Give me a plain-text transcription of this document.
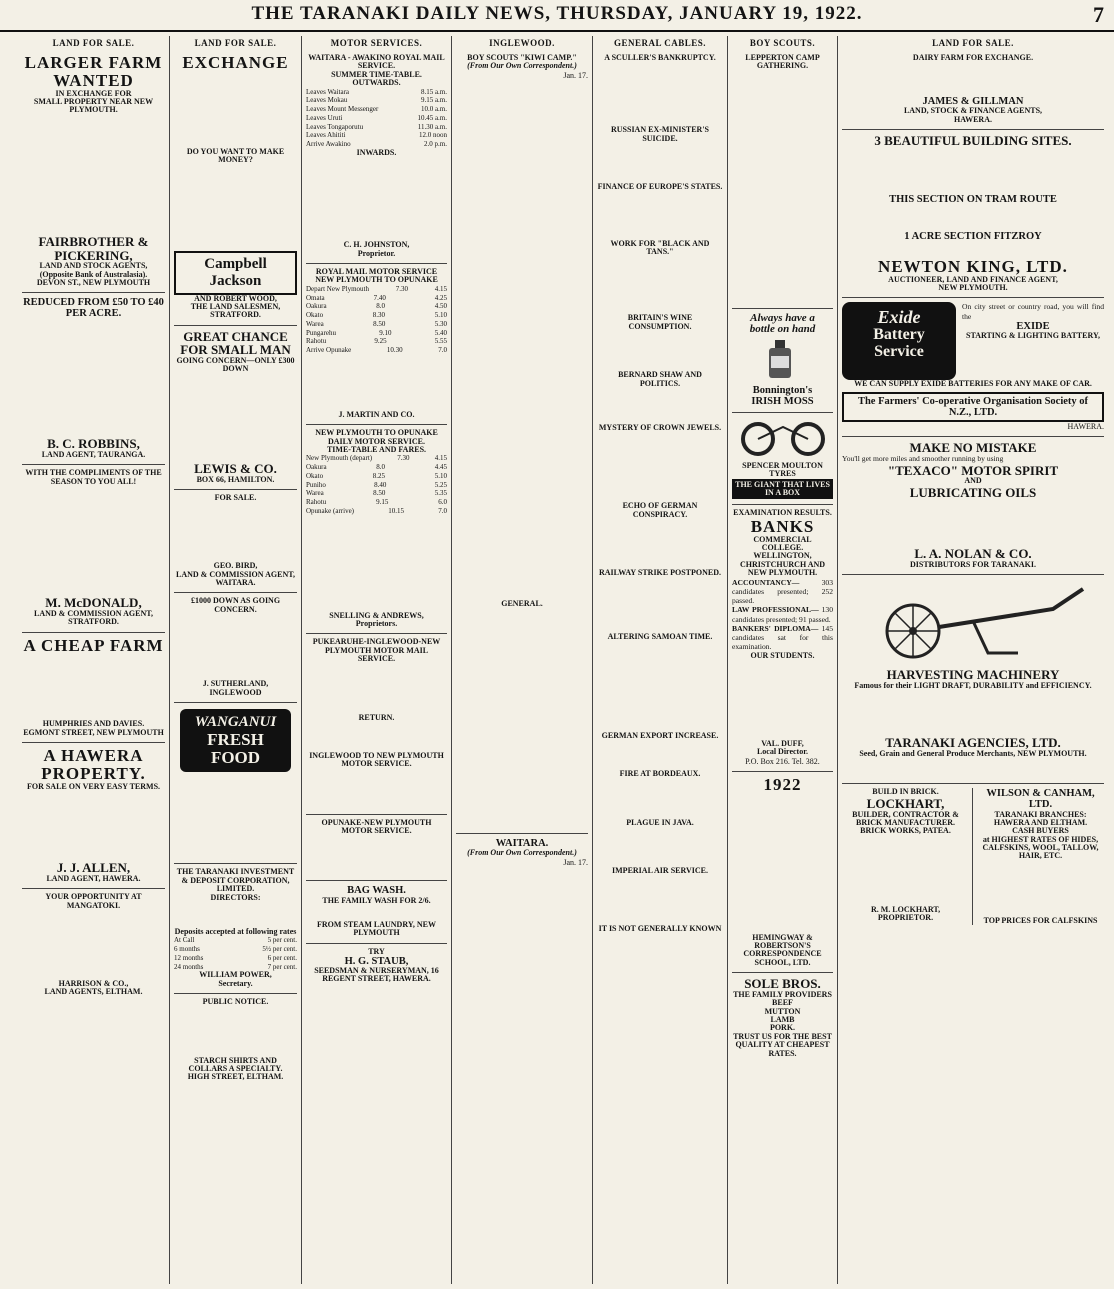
THE TARANAKI DAILY NEWS, THURSDAY, JANUARY 19, 1922.	7
LAND FOR SALE.
LARGER FARM WANTED
IN EXCHANGE FOR
SMALL PROPERTY NEAR NEW PLYMOUTH.
FAIRBROTHER & PICKERING,
LAND AND STOCK AGENTS,
(Opposite Bank of Australasia).
DEVON ST., NEW PLYMOUTH
REDUCED FROM £50 TO £40 PER ACRE.
B. C. ROBBINS,
LAND AGENT, TAURANGA.
WITH THE COMPLIMENTS OF THE SEASON TO YOU ALL!
M. McDONALD,
LAND & COMMISSION AGENT, STRATFORD.
A CHEAP FARM
HUMPHRIES AND DAVIES.
EGMONT STREET, NEW PLYMOUTH
A HAWERA PROPERTY.
FOR SALE ON VERY EASY TERMS.
J. J. ALLEN,
LAND AGENT, HAWERA.
YOUR OPPORTUNITY AT MANGATOKI.
HARRISON & CO.,
LAND AGENTS, ELTHAM.
LAND FOR SALE.
EXCHANGE
DO YOU WANT TO MAKE MONEY?
Campbell Jackson
AND ROBERT WOOD,
THE LAND SALESMEN,
STRATFORD.
GREAT CHANCE FOR SMALL MAN
GOING CONCERN—ONLY £300 DOWN
LEWIS & CO.
BOX 66, HAMILTON.
FOR SALE.
GEO. BIRD,
LAND & COMMISSION AGENT, WAITARA.
£1000 DOWN AS GOING CONCERN.
J. SUTHERLAND,
INGLEWOOD
WANGANUI
FRESH FOOD
THE TARANAKI INVESTMENT & DEPOSIT CORPORATION,
LIMITED.
DIRECTORS:
Deposits accepted at following rates
At Call	5 per cent.
6 months	5½ per cent.
12 months	6 per cent.
24 months	7 per cent.
WILLIAM POWER,
Secretary.
PUBLIC NOTICE.
STARCH SHIRTS AND COLLARS A SPECIALTY.
HIGH STREET, ELTHAM.
MOTOR SERVICES.
WAITARA - AWAKINO ROYAL MAIL SERVICE.
SUMMER TIME-TABLE.
OUTWARDS.
Leaves Waitara	8.15 a.m.
Leaves Mokau	9.15 a.m.
Leaves Mount Messenger	10.0 a.m.
Leaves Uruti	10.45 a.m.
Leaves Tongaporutu	11.30 a.m.
Leaves Ahititi	12.0 noon
Arrive Awakino	2.0 p.m.
INWARDS.
C. H. JOHNSTON,
Proprietor.
ROYAL MAIL MOTOR SERVICE
NEW PLYMOUTH TO OPUNAKE
Depart New Plymouth	7.30	4.15
Omata	7.40	4.25
Oakura	8.0	4.50
Okato	8.30	5.10
Warea	8.50	5.30
Pungarehu	9.10	5.40
Rahotu	9.25	5.55
Arrive Opunake	10.30	7.0
J. MARTIN AND CO.
NEW PLYMOUTH TO OPUNAKE
DAILY MOTOR SERVICE.
TIME-TABLE AND FARES.
New Plymouth (depart)	7.30	4.15
Oakura	8.0	4.45
Okato	8.25	5.10
Puniho	8.40	5.25
Warea	8.50	5.35
Rahotu	9.15	6.0
Opunake (arrive)	10.15	7.0
SNELLING & ANDREWS,
Proprietors.
PUKEARUHE-INGLEWOOD-NEW PLYMOUTH MOTOR MAIL SERVICE.
RETURN.
INGLEWOOD TO NEW PLYMOUTH MOTOR SERVICE.
OPUNAKE-NEW PLYMOUTH MOTOR SERVICE.
BAG WASH.
THE FAMILY WASH FOR 2/6.
FROM STEAM LAUNDRY, NEW PLYMOUTH
TRY
H. G. STAUB,
SEEDSMAN & NURSERYMAN, 16 REGENT STREET, HAWERA.
INGLEWOOD.
BOY SCOUTS "KIWI CAMP."
(From Our Own Correspondent.)
Jan. 17.
GENERAL.
WAITARA.
(From Our Own Correspondent.)
Jan. 17.
GENERAL CABLES.
A SCULLER'S BANKRUPTCY.
RUSSIAN EX-MINISTER'S SUICIDE.
FINANCE OF EUROPE'S STATES.
WORK FOR "BLACK AND TANS."
BRITAIN'S WINE CONSUMPTION.
BERNARD SHAW AND POLITICS.
MYSTERY OF CROWN JEWELS.
ECHO OF GERMAN CONSPIRACY.
RAILWAY STRIKE POSTPONED.
ALTERING SAMOAN TIME.
GERMAN EXPORT INCREASE.
FIRE AT BORDEAUX.
PLAGUE IN JAVA.
IMPERIAL AIR SERVICE.
IT IS NOT GENERALLY KNOWN
BOY SCOUTS.
LEPPERTON CAMP GATHERING.
Always have a
bottle on hand
Bonnington's
IRISH MOSS
SPENCER MOULTON
TYRES
THE GIANT THAT LIVES IN A BOX
EXAMINATION RESULTS.
BANKS
COMMERCIAL COLLEGE.
WELLINGTON, CHRISTCHURCH AND NEW PLYMOUTH.
ACCOUNTANCY—	303 candidates presented; 252 passed.
LAW PROFESSIONAL— 130 candidates presented; 91 passed.
BANKERS' DIPLOMA— 145 candidates sat for this examination.
OUR STUDENTS.
VAL. DUFF,
Local Director.
P.O. Box 216. Tel. 382.
1922
HEMINGWAY & ROBERTSON'S
CORRESPONDENCE SCHOOL, LTD.
SOLE BROS.
THE FAMILY PROVIDERS
BEEF
MUTTON
LAMB
PORK.
TRUST US FOR THE BEST QUALITY AT CHEAPEST RATES.
LAND FOR SALE.
DAIRY FARM FOR EXCHANGE.
JAMES & GILLMAN
LAND, STOCK & FINANCE AGENTS,
HAWERA.
3 BEAUTIFUL BUILDING SITES.
THIS SECTION ON TRAM ROUTE
1 ACRE SECTION FITZROY
NEWTON KING, LTD.
AUCTIONEER, LAND AND FINANCE AGENT,
NEW PLYMOUTH.
Exide
Battery
Service
On city street or country road, you will find the
EXIDE
STARTING & LIGHTING BATTERY,
WE CAN SUPPLY EXIDE BATTERIES FOR ANY MAKE OF CAR.
The Farmers' Co-operative Organisation Society of N.Z., LTD.
HAWERA.
MAKE NO MISTAKE
You'll get more miles and smoother running by using
"TEXACO" MOTOR SPIRIT
AND
LUBRICATING OILS
L. A. NOLAN & CO.
DISTRIBUTORS FOR TARANAKI.
HARVESTING MACHINERY
Famous for their LIGHT DRAFT, DURABILITY and EFFICIENCY.
TARANAKI AGENCIES, LTD.
Seed, Grain and General Produce Merchants, NEW PLYMOUTH.
BUILD IN BRICK.
LOCKHART,
BUILDER, CONTRACTOR & BRICK MANUFACTURER.
BRICK WORKS, PATEA.
R. M. LOCKHART,
PROPRIETOR.
WILSON & CANHAM, LTD.
TARANAKI BRANCHES: HAWERA AND ELTHAM.
CASH BUYERS
at HIGHEST RATES OF HIDES, CALFSKINS, WOOL, TALLOW, HAIR, ETC.
TOP PRICES FOR CALFSKINS
